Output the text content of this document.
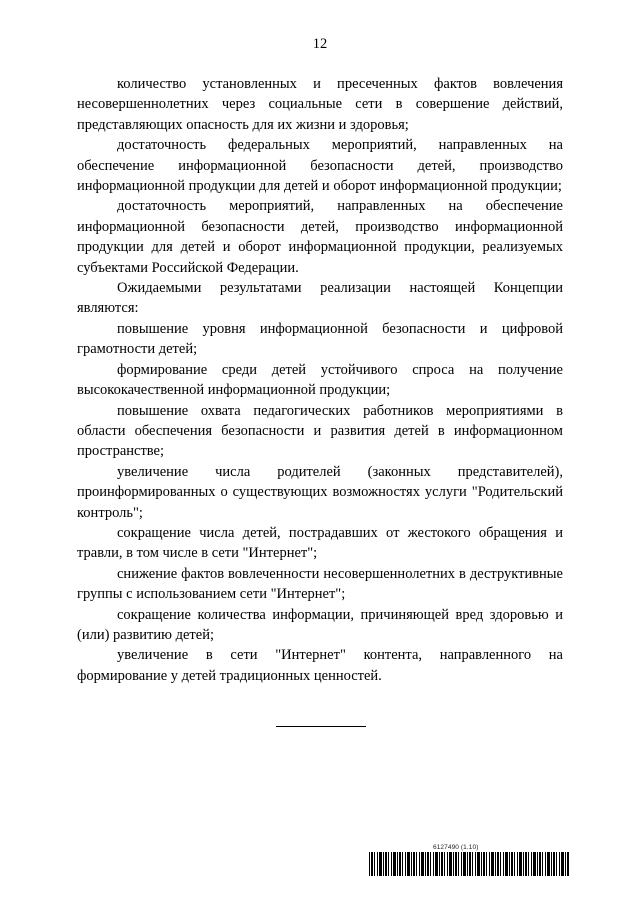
12

количество установленных и пресеченных фактов вовлечения несовершеннолетних через социальные сети в совершение действий, представляющих опасность для их жизни и здоровья;

достаточность федеральных мероприятий, направленных на обеспечение информационной безопасности детей, производство информационной продукции для детей и оборот информационной продукции;

достаточность мероприятий, направленных на обеспечение информационной безопасности детей, производство информационной продукции для детей и оборот информационной продукции, реализуемых субъектами Российской Федерации.

Ожидаемыми результатами реализации настоящей Концепции являются:

повышение уровня информационной безопасности и цифровой грамотности детей;

формирование среди детей устойчивого спроса на получение высококачественной информационной продукции;

повышение охвата педагогических работников мероприятиями в области обеспечения безопасности и развития детей в информационном пространстве;

увеличение числа родителей (законных представителей), проинформированных о существующих возможностях услуги "Родительский контроль";

сокращение числа детей, пострадавших от жестокого обращения и травли, в том числе в сети "Интернет";

снижение фактов вовлеченности несовершеннолетних в деструктивные группы с использованием сети "Интернет";

сокращение количества информации, причиняющей вред здоровью и (или) развитию детей;

увеличение в сети "Интернет" контента, направленного на формирование у детей традиционных ценностей.

6127490 (1.10)
